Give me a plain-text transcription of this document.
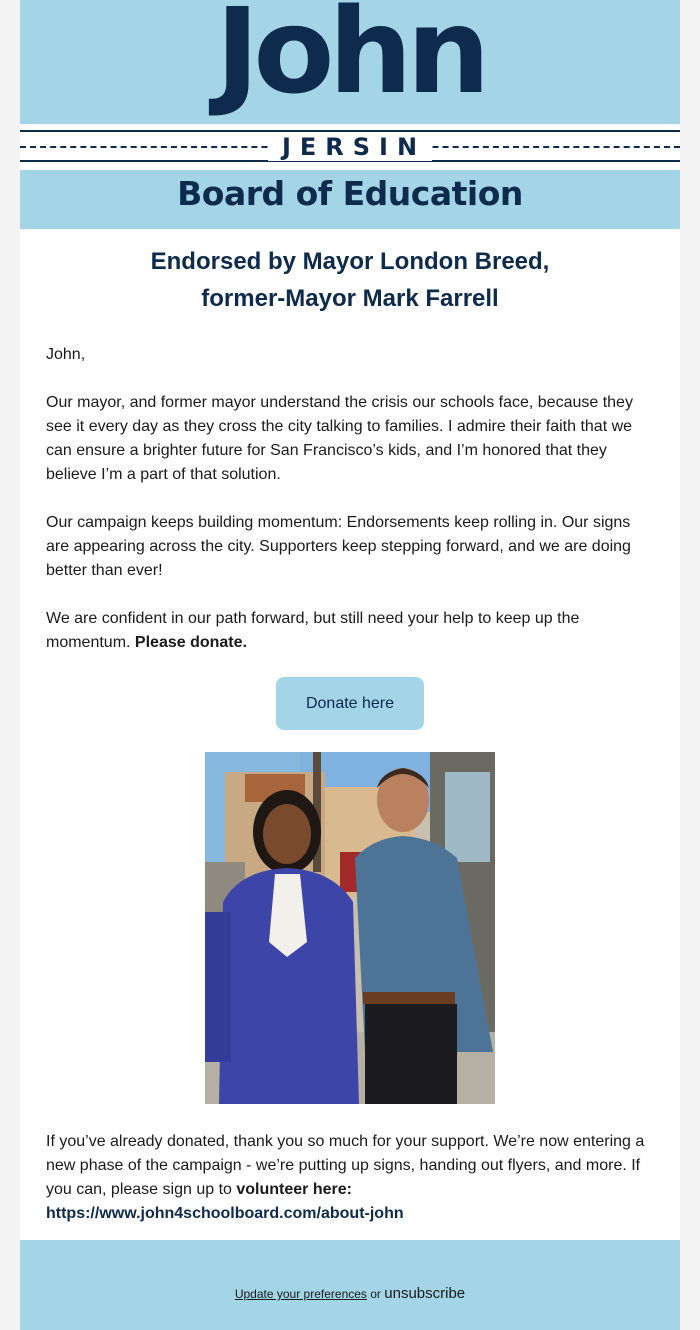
John
JERSIN
Board of Education
Endorsed by Mayor London Breed,
former-Mayor Mark Farrell

John,

Our mayor, and former mayor understand the crisis our schools face, because they see it every day as they cross the city talking to families. I admire their faith that we can ensure a brighter future for San Francisco’s kids, and I’m honored that they believe I’m a part of that solution.

Our campaign keeps building momentum: Endorsements keep rolling in. Our signs are appearing across the city. Supporters keep stepping forward, and we are doing better than ever!

We are confident in our path forward, but still need your help to keep up the momentum. Please donate.

Donate here
If you’ve already donated, thank you so much for your support. We’re now entering a new phase of the campaign - we’re putting up signs, handing out flyers, and more. If you can, please sign up to volunteer here:
https://www.john4schoolboard.com/about-john
Update your preferences or unsubscribe
